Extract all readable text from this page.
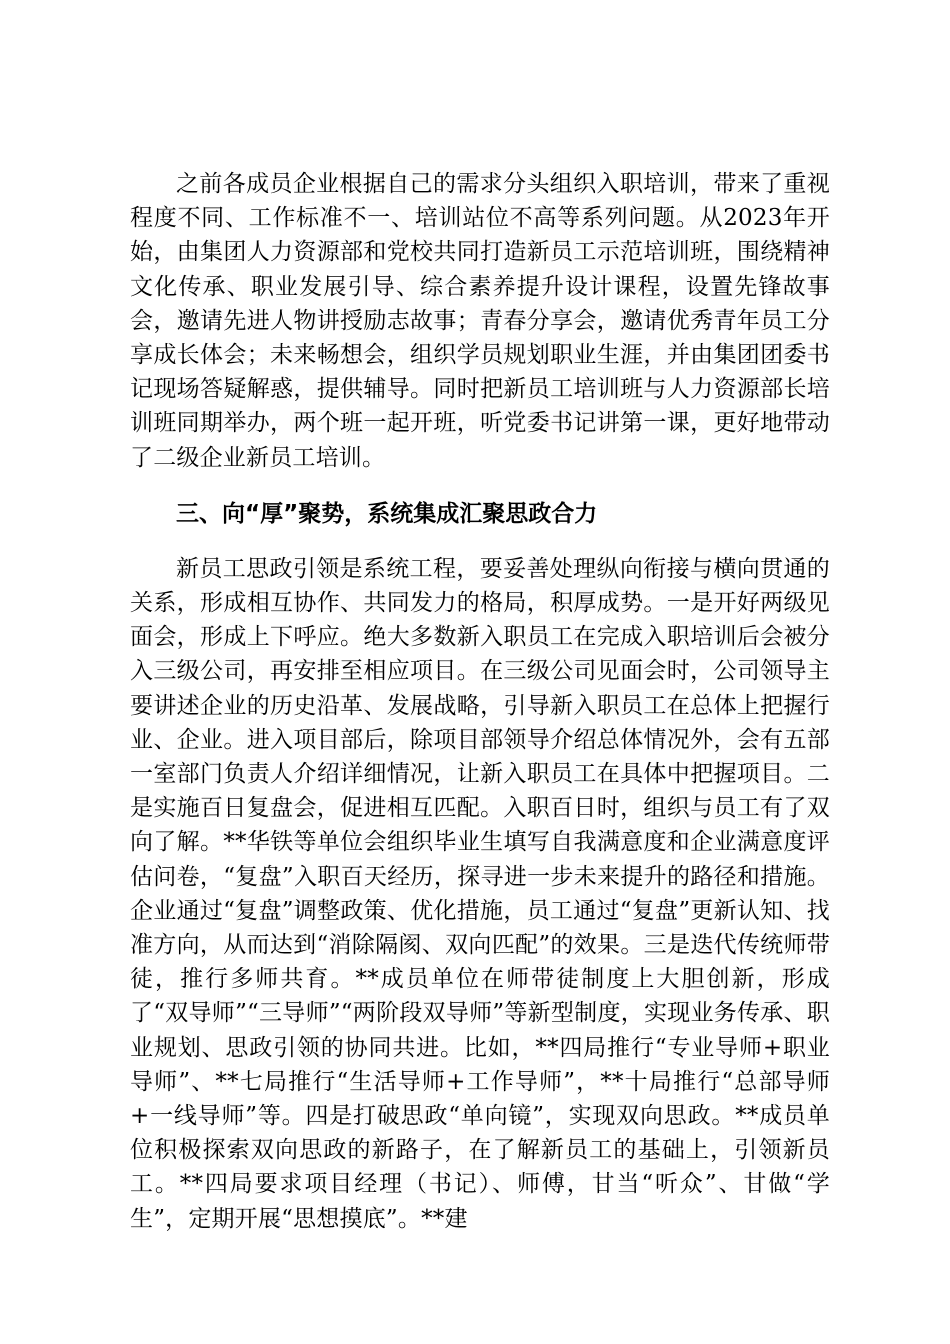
之前各成员企业根据自己的需求分头组织入职培训，带来了重视程度不同、工作标准不一、培训站位不高等系列问题。从2023年开始，由集团人力资源部和党校共同打造新员工示范培训班，围绕精神文化传承、职业发展引导、综合素养提升设计课程，设置先锋故事会，邀请先进人物讲授励志故事；青春分享会，邀请优秀青年员工分享成长体会；未来畅想会，组织学员规划职业生涯，并由集团团委书记现场答疑解惑，提供辅导。同时把新员工培训班与人力资源部长培训班同期举办，两个班一起开班，听党委书记讲第一课，更好地带动了二级企业新员工培训。

三、向“厚”聚势，系统集成汇聚思政合力

新员工思政引领是系统工程，要妥善处理纵向衔接与横向贯通的关系，形成相互协作、共同发力的格局，积厚成势。一是开好两级见面会，形成上下呼应。绝大多数新入职员工在完成入职培训后会被分入三级公司，再安排至相应项目。在三级公司见面会时，公司领导主要讲述企业的历史沿革、发展战略，引导新入职员工在总体上把握行业、企业。进入项目部后，除项目部领导介绍总体情况外，会有五部一室部门负责人介绍详细情况，让新入职员工在具体中把握项目。二是实施百日复盘会，促进相互匹配。入职百日时，组织与员工有了双向了解。**华铁等单位会组织毕业生填写自我满意度和企业满意度评估问卷，“复盘”入职百天经历，探寻进一步未来提升的路径和措施。企业通过“复盘”调整政策、优化措施，员工通过“复盘”更新认知、找准方向，从而达到“消除隔阂、双向匹配”的效果。三是迭代传统师带徒，推行多师共育。**成员单位在师带徒制度上大胆创新，形成了“双导师”“三导师”“两阶段双导师”等新型制度，实现业务传承、职业规划、思政引领的协同共进。比如，**四局推行“专业导师+职业导师”、**七局推行“生活导师+工作导师”，**十局推行“总部导师+一线导师”等。四是打破思政“单向镜”，实现双向思政。**成员单位积极探索双向思政的新路子，在了解新员工的基础上，引领新员工。**四局要求项目经理（书记）、师傅，甘当“听众”、甘做“学生”，定期开展“思想摸底”。**建
